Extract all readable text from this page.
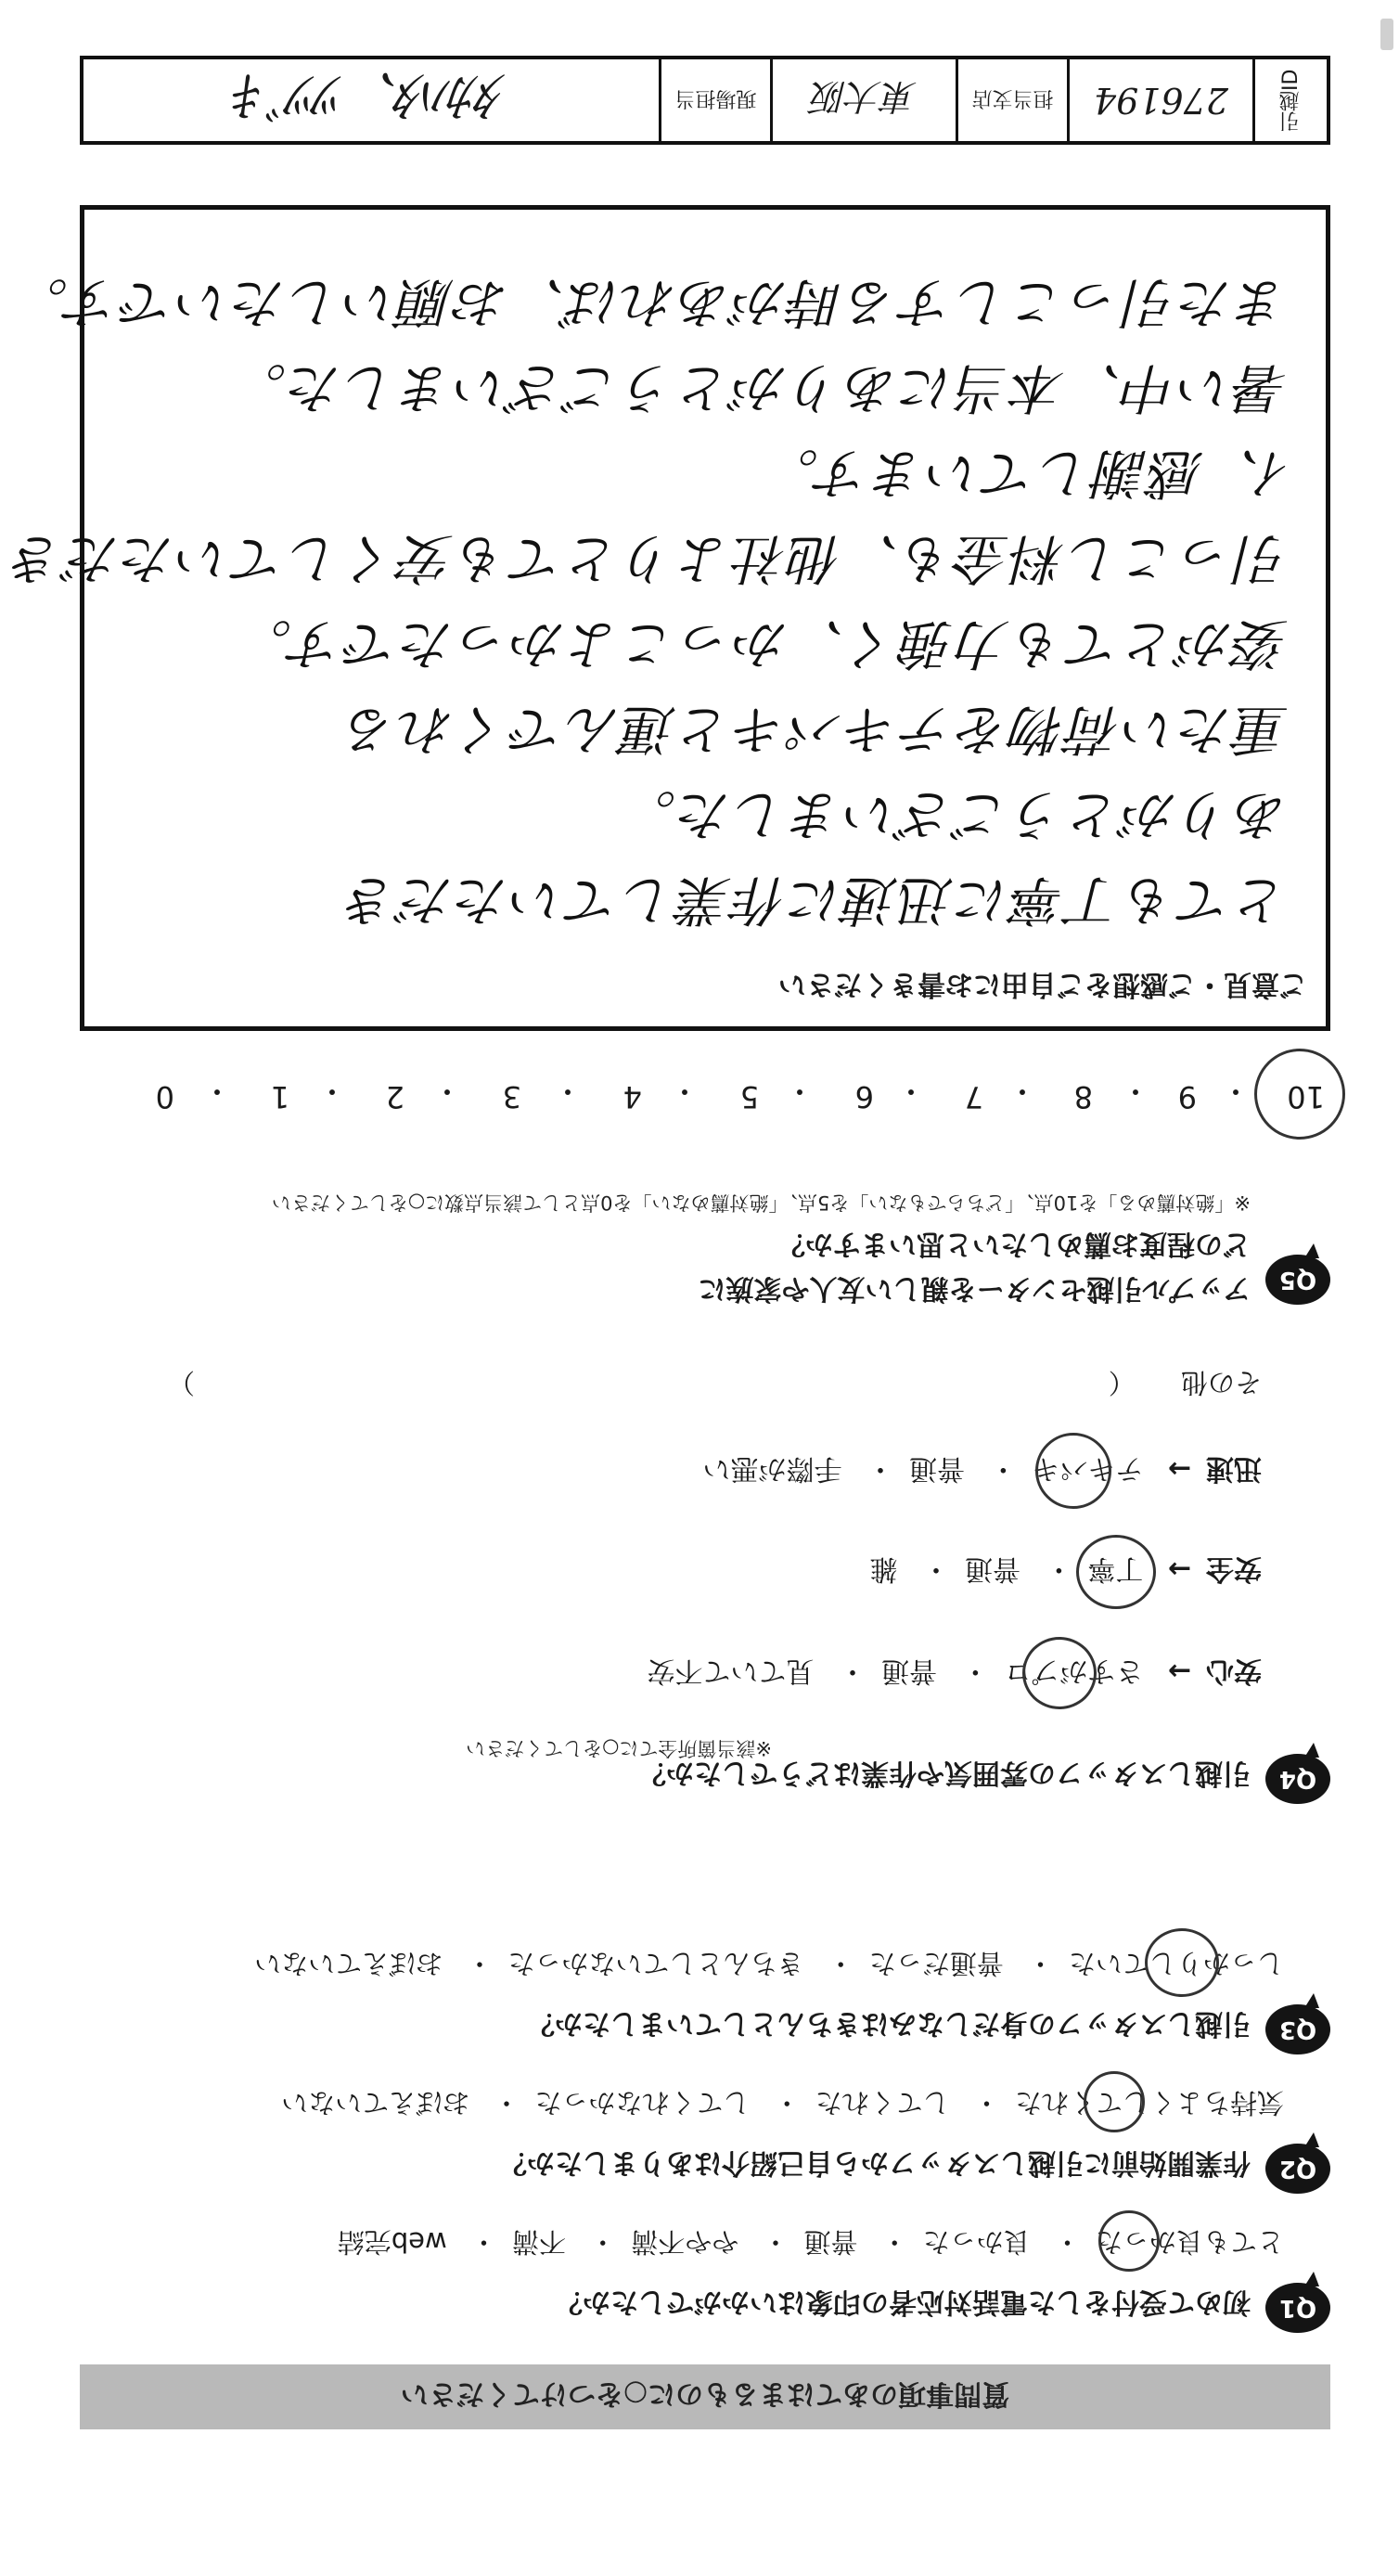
質問事項のあてはまるものに○をつけてください
Q1
初めて受付をした電話対応者の印象はいかがでしたか？
とても良かった
・ 良かった・ 普通・ やや不満・ 不満・ web完結
Q2
作業開始前に引越しスタッフから自己紹介はありましたか？
気持ちよくしてくれた
・ してくれた・ してくれなかった・ おぼえていない
Q3
引越しスタッフの身だしなみはきちんとしていましたか？
しっかりしていた
・ 普通だった・ きちんとしていなかった・ おぼえていない
Q4
引越しスタッフの雰囲気や作業はどうでしたか？
※該当箇所全てに○をしてください
安心→ さすがプロ
・ 普通・ 見ていて不安
安全→ 丁寧
・ 普通・ 雑
迅速→ テキパキ
・ 普通・ 手際が悪い
その他 （
）
Q5
アップル引越センターを親しい友人や家族に
どの程度お薦めしたいと思いますか？
※「絶対薦める」を10点、「どちらでもない」を5点、「絶対薦めない」を0点として該当点数に○をしてください
10
・
9
・
8
・
7
・
6
・
5
・
4
・
3
・
2
・
1
・
0
ご意見・ご感想をご自由にお書きください
とても丁寧に迅速に作業していただき
ありがとうございました。
重たい荷物をテキパキと運んでくれる
姿がとても力強く、かっこよかったです。
引っこし料金も、他社よりとても安くしていただき
ｲ、感謝しています。
暑い中、本当にありがとうございました。
また引っこしする時があれば、お願いしたいです。
引越ID
276194
担当支店
東大阪
現場担当
ﾀｶﾊﾀ、ﾂﾂﾞｷ
